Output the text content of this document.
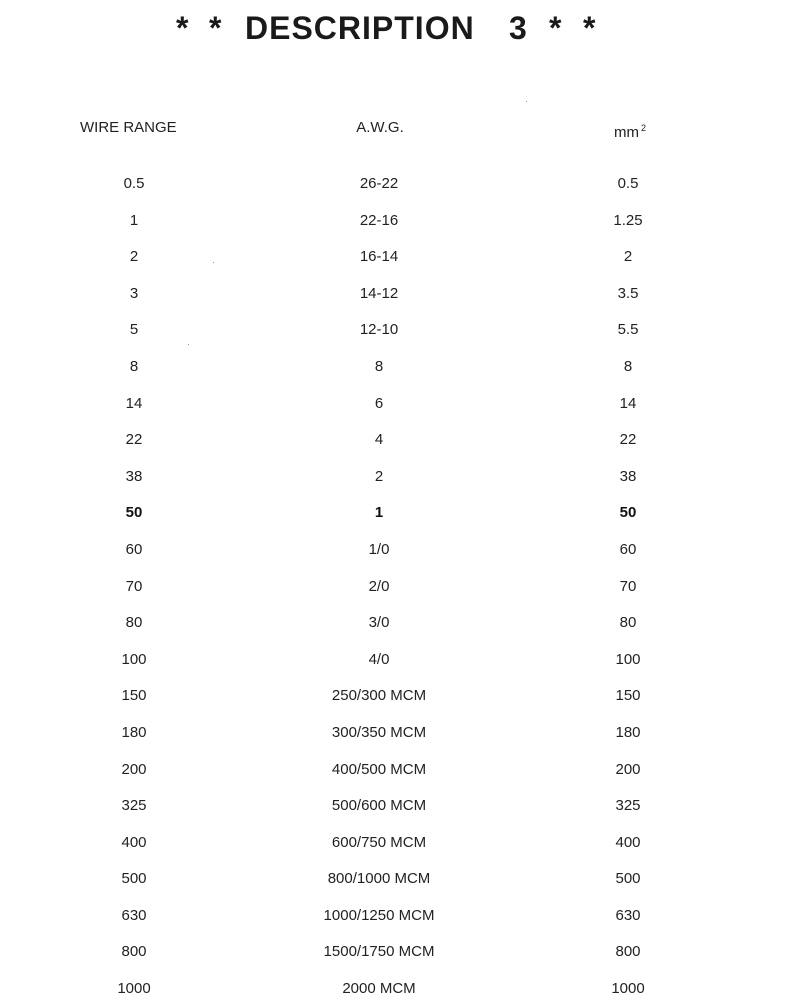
* * DESCRIPTION 3 * *
WIRE RANGE	A.W.G.	mm $^2$
0.5	26-22	0.5
1	22-16	1.25
2	16-14	2
3	14-12	3.5
5	12-10	5.5
8	8	8
14	6	14
22	4	22
38	2	38
50	1	50
60	1/0	60
70	2/0	70
80	3/0	80
100	4/0	100
150	250/300 MCM	150
180	300/350 MCM	180
200	400/500 MCM	200
325	500/600 MCM	325
400	600/750 MCM	400
500	800/1000 MCM	500
630	1000/1250 MCM	630
800	1500/1750 MCM	800
1000	2000 MCM	1000
